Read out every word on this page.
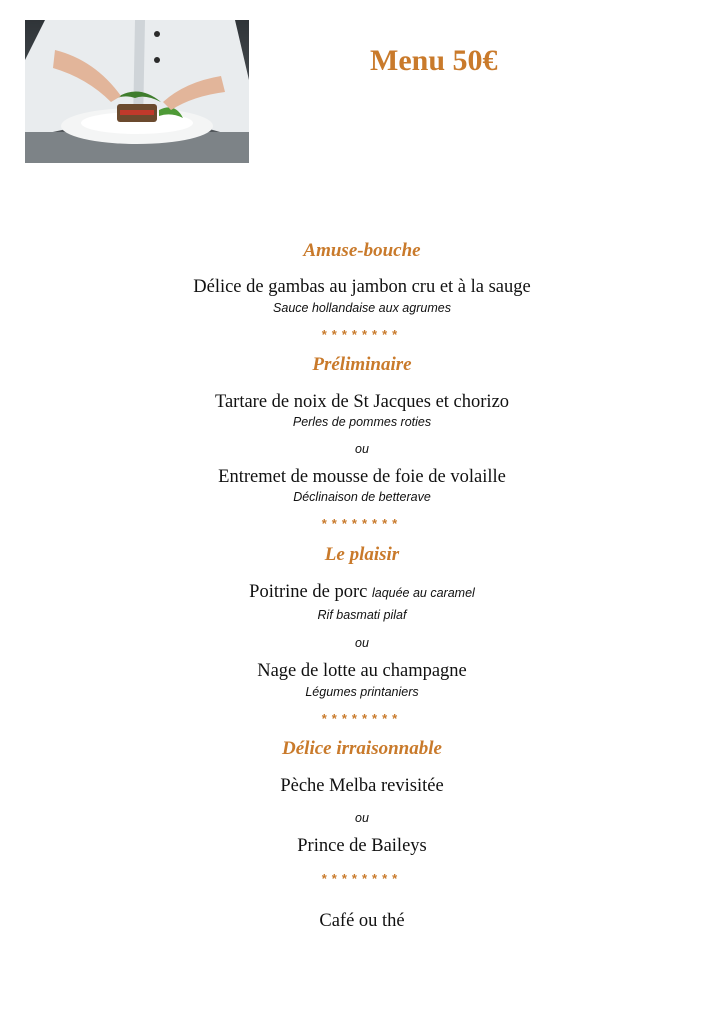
Menu 50€
Amuse-bouche
Délice de gambas au jambon cru et à la sauge
Sauce hollandaise aux agrumes
********
Préliminaire
Tartare de noix de St Jacques et chorizo
Perles de pommes roties
ou
Entremet de mousse de foie de volaille
Déclinaison de betterave
********
Le plaisir
Poitrine de porc laquée au caramel
Rif basmati pilaf
ou
Nage de lotte au champagne
Légumes printaniers
********
Délice irraisonnable
Pèche Melba revisitée
ou
Prince de Baileys
********
Café ou thé
